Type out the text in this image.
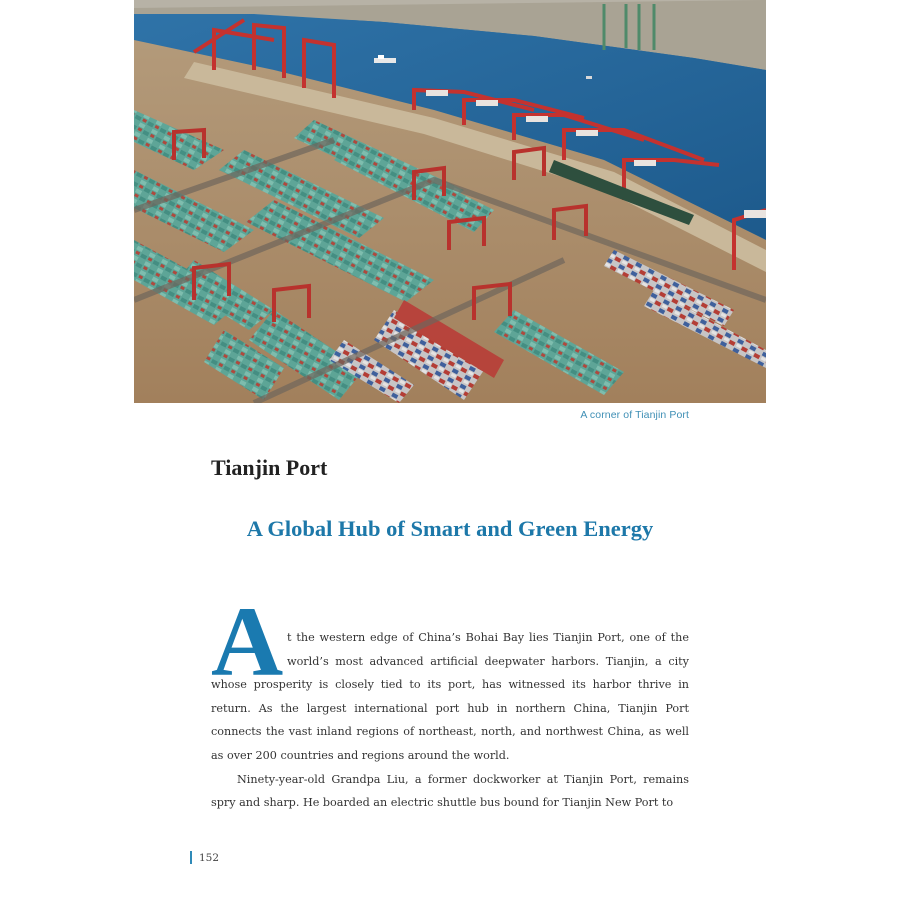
A corner of Tianjin Port
Tianjin Port
A Global Hub of Smart and Green Energy

A t the western edge of China’s Bohai Bay lies Tianjin Port, one of the world’s most advanced artificial deepwater harbors. Tianjin, a city whose prosperity is closely tied to its port, has witnessed its harbor thrive in return. As the largest international port hub in northern China, Tianjin Port connects the vast inland regions of northeast, north, and northwest China, as well as over 200 countries and regions around the world.

Ninety-year-old Grandpa Liu, a former dockworker at Tianjin Port, remains spry and sharp. He boarded an electric shuttle bus bound for Tianjin New Port to

152
